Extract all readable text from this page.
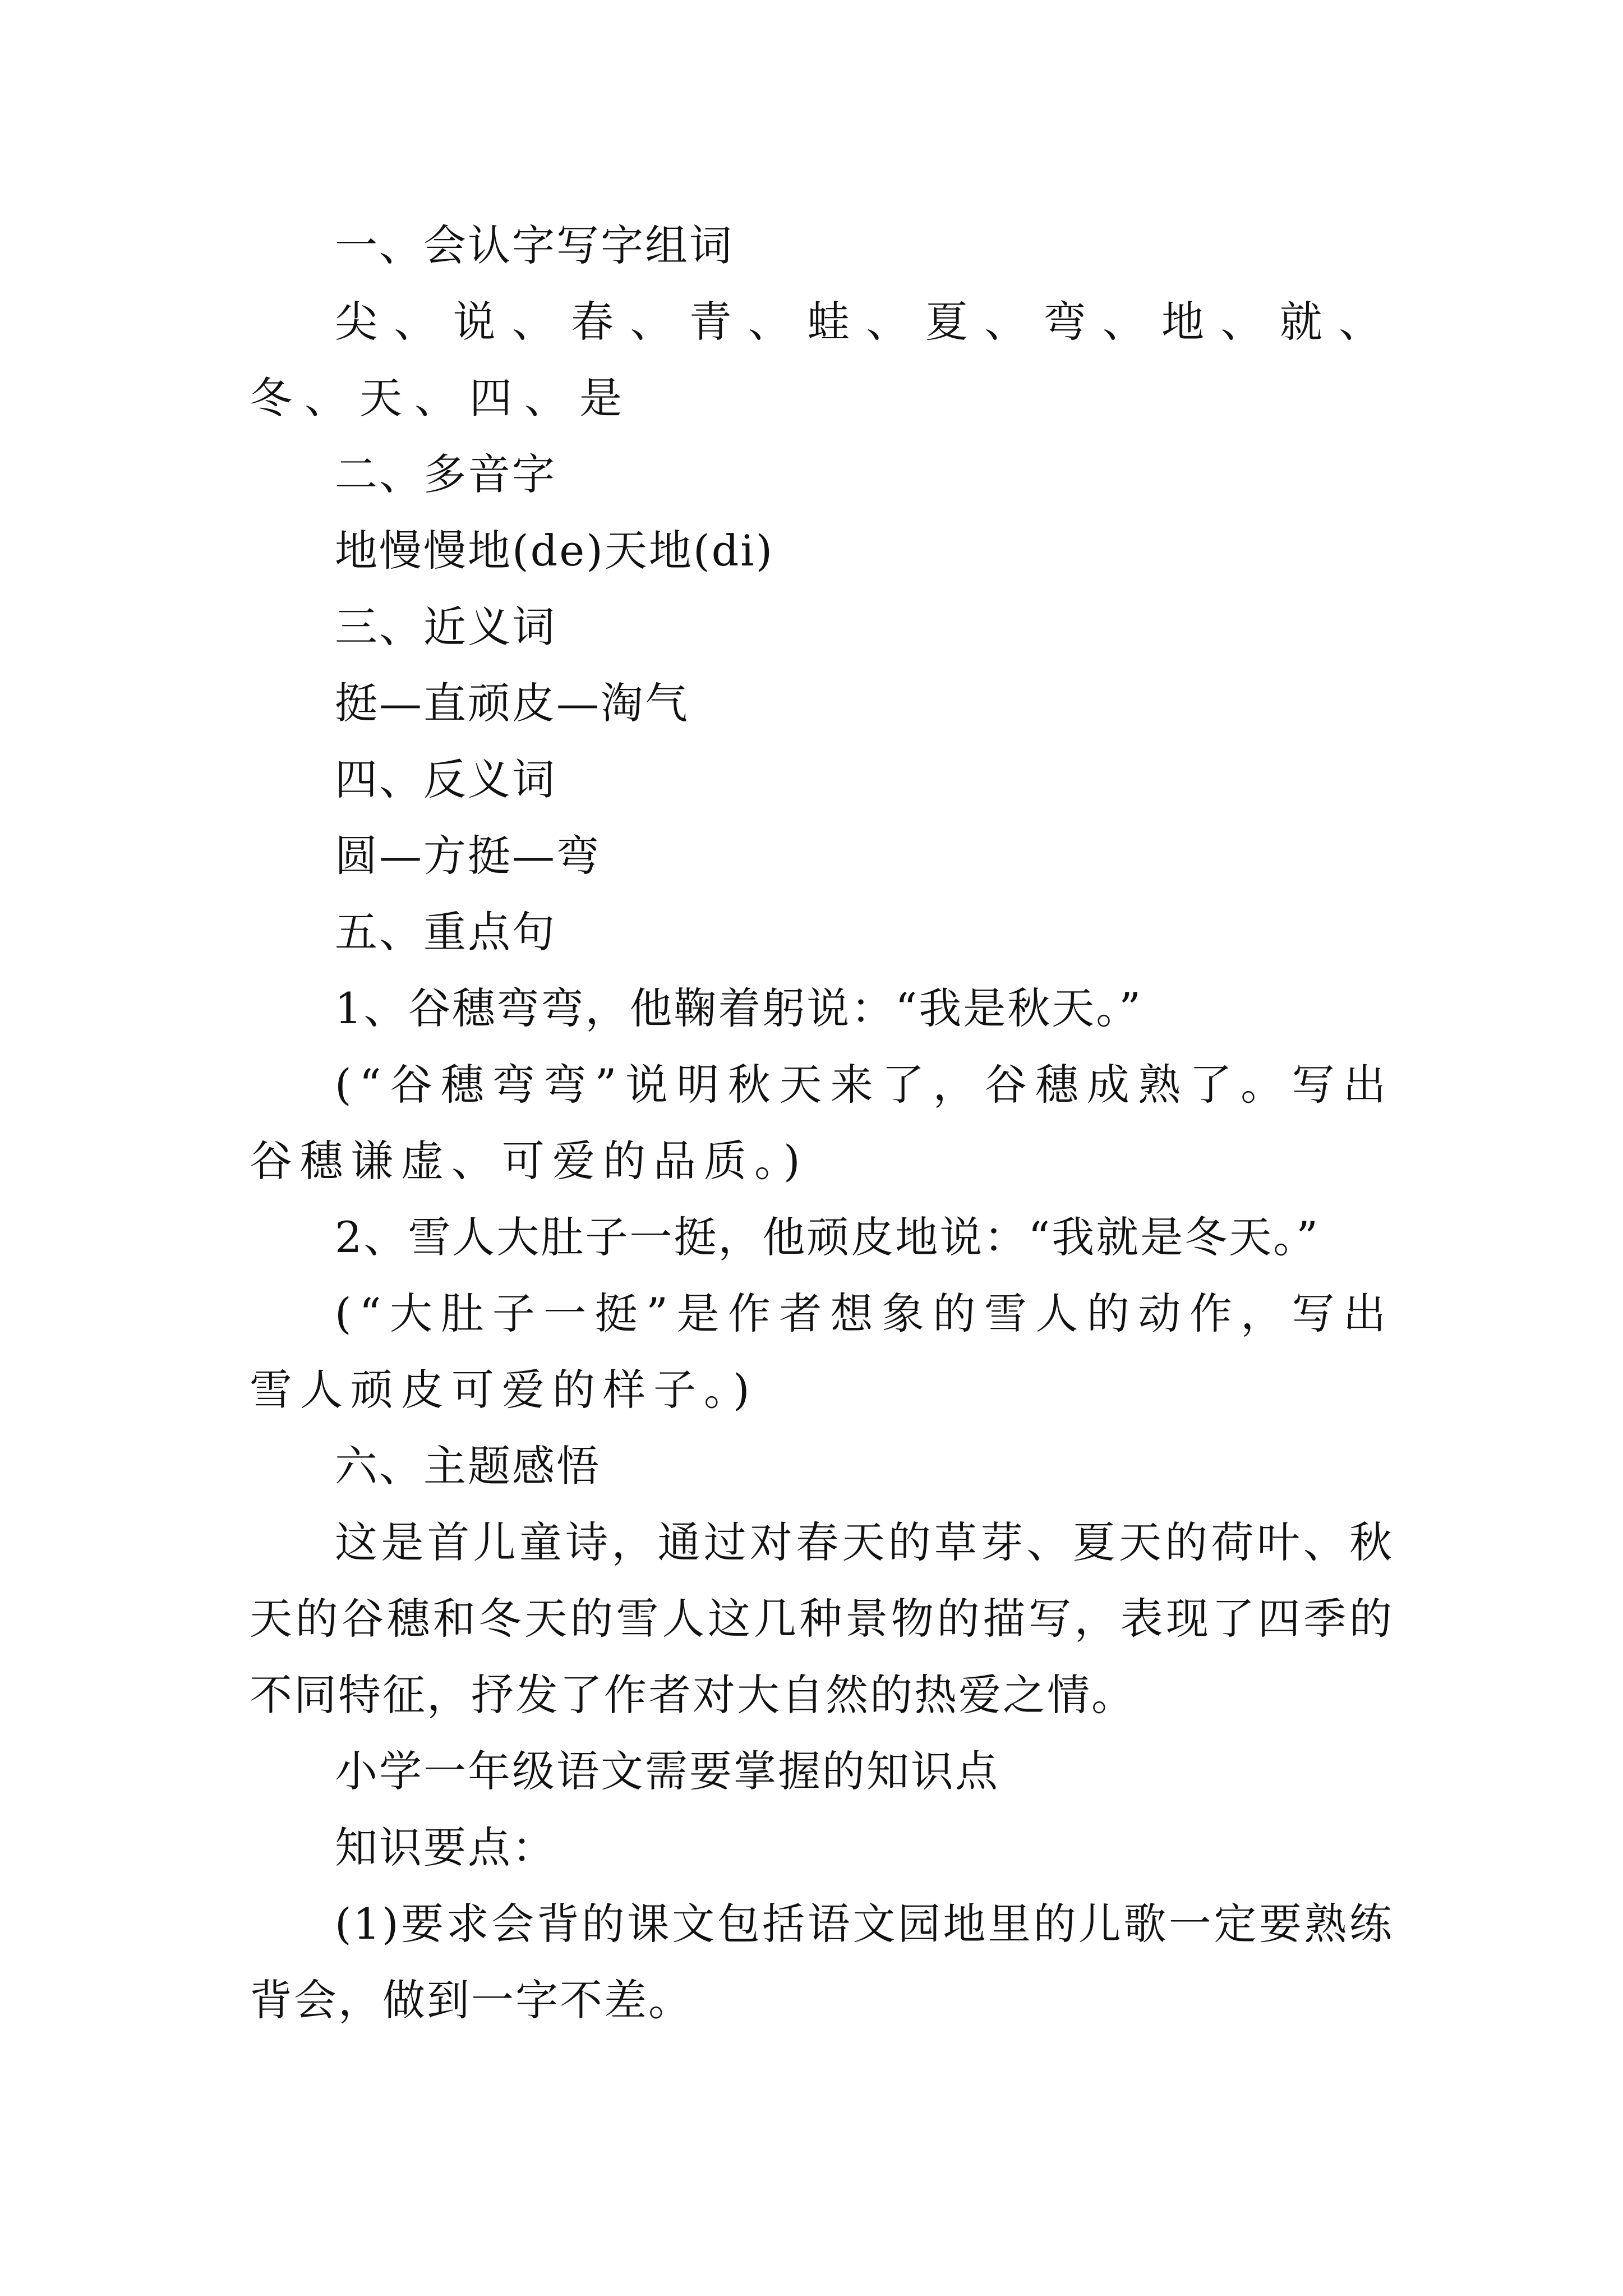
一、会认字写字组词

尖、说、春、青、蛙、夏、弯、地、就、冬、天、四、是

二、多音字

地慢慢地(de)天地(di)

三、近义词

挺—直顽皮—淘气

四、反义词

圆—方挺—弯

五、重点句

1、谷穗弯弯，他鞠着躬说：“我是秋天。”

(“谷穗弯弯”说明秋天来了，谷穗成熟了。写出谷穗谦虚、可爱的品质。)

2、雪人大肚子一挺，他顽皮地说：“我就是冬天。”

(“大肚子一挺”是作者想象的雪人的动作，写出雪人顽皮可爱的样子。)

六、主题感悟

这是首儿童诗，通过对春天的草芽、夏天的荷叶、秋天的谷穗和冬天的雪人这几种景物的描写，表现了四季的不同特征，抒发了作者对大自然的热爱之情。

小学一年级语文需要掌握的知识点

知识要点：

(1)要求会背的课文包括语文园地里的儿歌一定要熟练背会，做到一字不差。
